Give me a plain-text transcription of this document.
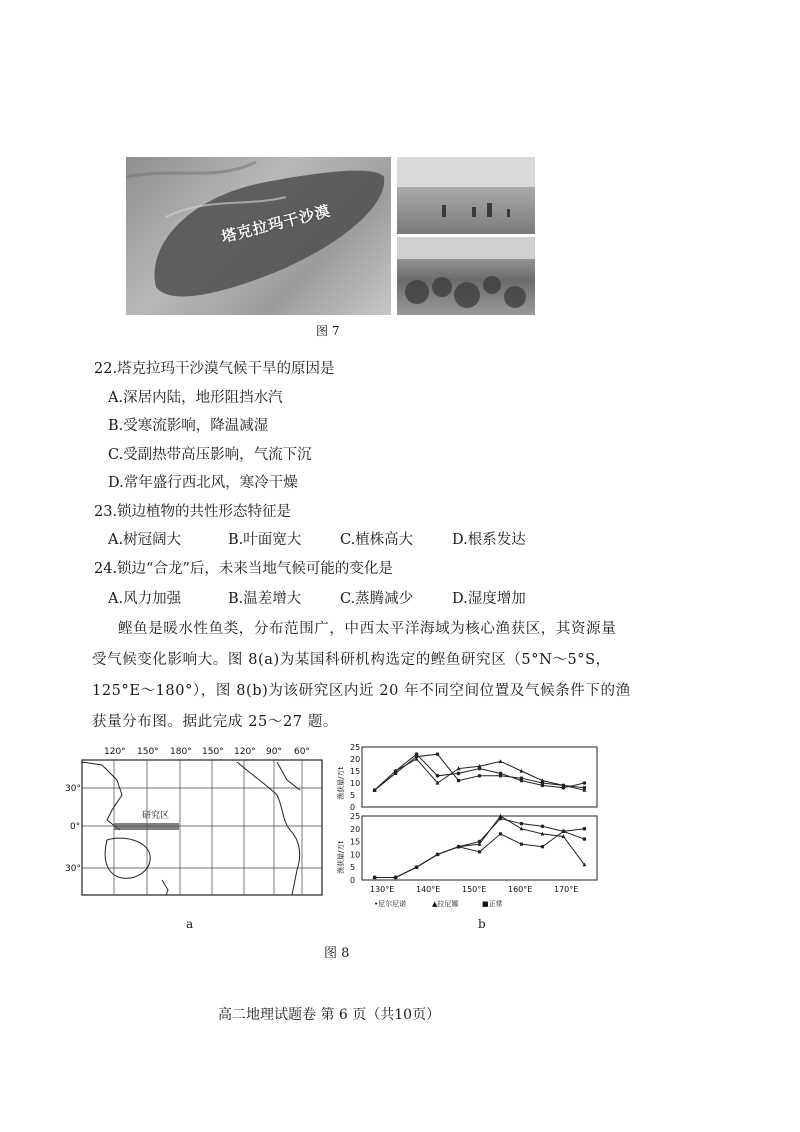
塔克拉玛干沙漠
图 7
22.塔克拉玛干沙漠气候干旱的原因是
A.深居内陆，地形阻挡水汽
B.受寒流影响，降温减湿
C.受副热带高压影响，气流下沉
D.常年盛行西北风，寒冷干燥
23.锁边植物的共性形态特征是
A.树冠阔大	B.叶面宽大	C.植株高大	D.根系发达
24.锁边“合龙”后，未来当地气候可能的变化是
A.风力加强	B.温差增大	C.蒸腾减少	D.湿度增加
鲣鱼是暖水性鱼类，分布范围广，中西太平洋海域为核心渔获区，其资源量
受气候变化影响大。图 8(a)为某国科研机构选定的鲣鱼研究区（5°N～5°S，
125°E～180°），图 8(b)为该研究区内近 20 年不同空间位置及气候条件下的渔
获量分布图。据此完成 25～27 题。
研究区
120° 150° 180° 150° 120° 90° 60°
30°
0°
30°
a
渔获量/万t
渔获量/万t
25
20
15
10
5
0
25
20
15
10
5
0
130°E	140°E	150°E	160°E	170°E
•尼尔尼诺	▲拉尼娜	■正常
b
图 8
高二地理试题卷 第 6 页（共10页）
